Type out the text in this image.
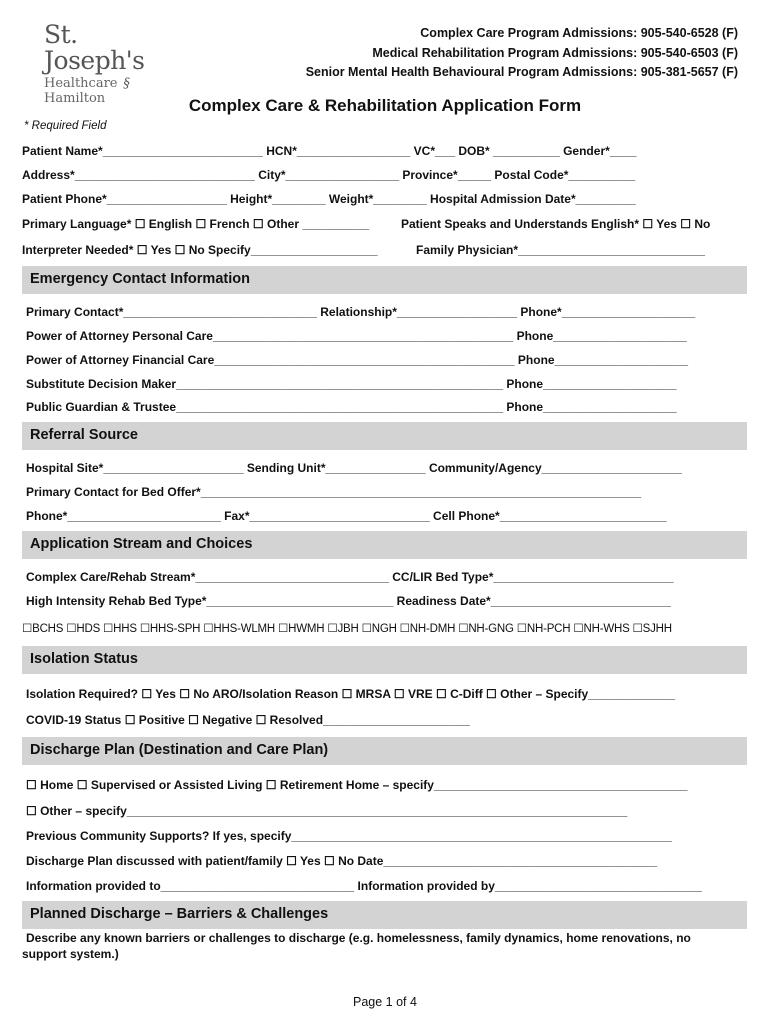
St. Joseph's
Healthcare § Hamilton
Complex Care Program Admissions: 905-540-6528 (F)
Medical Rehabilitation Program Admissions: 905-540-6503 (F)
Senior Mental Health Behavioural Program Admissions: 905-381-5657 (F)
Complex Care & Rehabilitation Application Form
* Required Field
Patient Name*________________________ HCN*_________________ VC*___ DOB* __________ Gender*____
Address*___________________________ City*_________________ Province*_____ Postal Code*__________
Patient Phone*__________________ Height*________ Weight*________ Hospital Admission Date*_________
Primary Language* ☐ English ☐ French ☐ Other __________	Patient Speaks and Understands English* ☐ Yes ☐ No
Interpreter Needed* ☐ Yes ☐ No Specify___________________	Family Physician*____________________________
Emergency Contact Information
Primary Contact*_____________________________ Relationship*__________________ Phone*____________________
Power of Attorney Personal Care_____________________________________________ Phone____________________
Power of Attorney Financial Care_____________________________________________ Phone____________________
Substitute Decision Maker_________________________________________________ Phone____________________
Public Guardian & Trustee_________________________________________________ Phone____________________
Referral Source
Hospital Site*_____________________ Sending Unit*_______________ Community/Agency_____________________
Primary Contact for Bed Offer*__________________________________________________________________
Phone*_______________________ Fax*___________________________ Cell Phone*_________________________
Application Stream and Choices
Complex Care/Rehab Stream*_____________________________ CC/LIR Bed Type*___________________________
High Intensity Rehab Bed Type*____________________________ Readiness Date*___________________________
☐BCHS ☐HDS ☐HHS ☐HHS-SPH ☐HHS-WLMH ☐HWMH ☐JBH ☐NGH ☐NH-DMH ☐NH-GNG ☐NH-PCH ☐NH-WHS ☐SJHH
Isolation Status
Isolation Required? ☐ Yes ☐ No ARO/Isolation Reason ☐ MRSA ☐ VRE ☐ C-Diff ☐ Other – Specify_____________
COVID-19 Status ☐ Positive ☐ Negative ☐ Resolved______________________
Discharge Plan (Destination and Care Plan)
☐ Home ☐ Supervised or Assisted Living ☐ Retirement Home – specify______________________________________
☐ Other – specify___________________________________________________________________________
Previous Community Supports? If yes, specify_________________________________________________________
Discharge Plan discussed with patient/family ☐ Yes ☐ No Date_________________________________________
Information provided to_____________________________ Information provided by_______________________________
Planned Discharge – Barriers & Challenges
Describe any known barriers or challenges to discharge (e.g. homelessness, family dynamics, home renovations, no
support system.)
Page 1 of 4
